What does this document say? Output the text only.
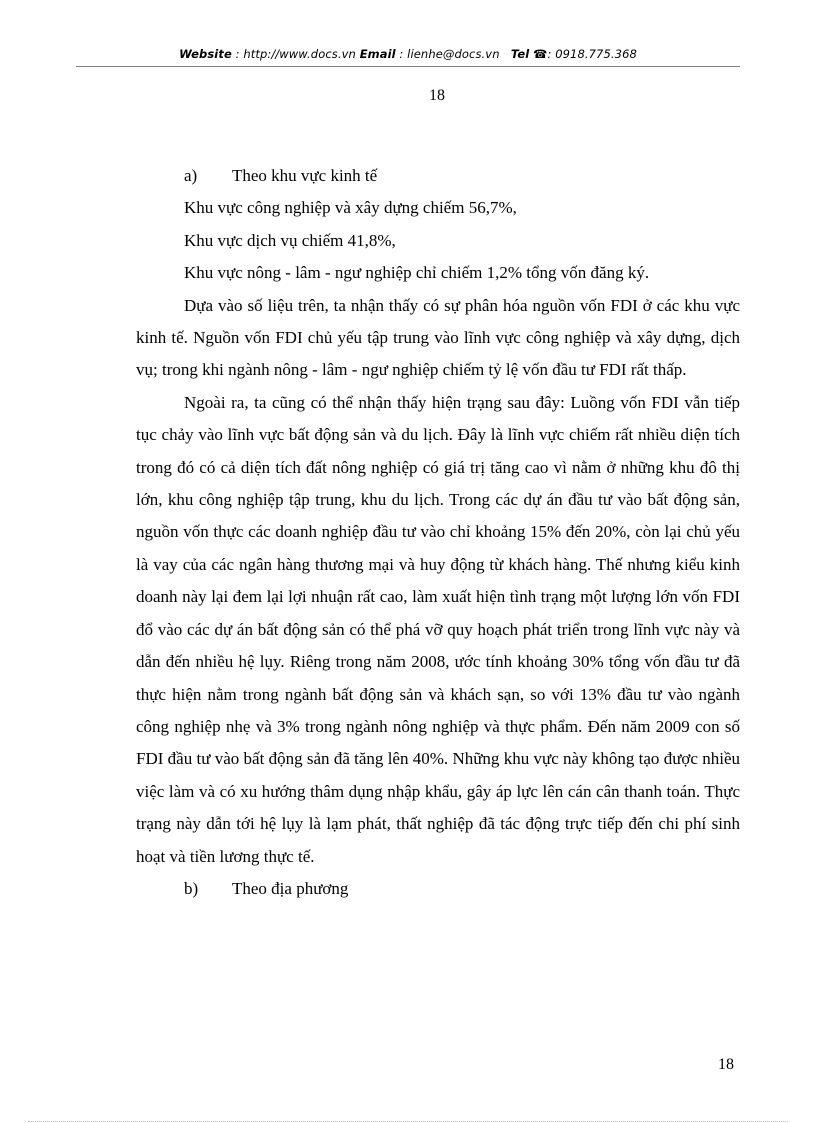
Website : http://www.docs.vn Email : lienhe@docs.vn Tel ☎: 0918.775.368
18

a) Theo khu vực kinh tế

Khu vực công nghiệp và xây dựng chiếm 56,7%,

Khu vực dịch vụ chiếm 41,8%,

Khu vực nông - lâm - ngư nghiệp chỉ chiếm 1,2% tổng vốn đăng ký.

Dựa vào số liệu trên, ta nhận thấy có sự phân hóa nguồn vốn FDI ở các khu vực kinh tế. Nguồn vốn FDI chủ yếu tập trung vào lĩnh vực công nghiệp và xây dựng, dịch vụ; trong khi ngành nông - lâm - ngư nghiệp chiếm tỷ lệ vốn đầu tư FDI rất thấp.

Ngoài ra, ta cũng có thể nhận thấy hiện trạng sau đây: Luồng vốn FDI vẫn tiếp tục chảy vào lĩnh vực bất động sản và du lịch. Đây là lĩnh vực chiếm rất nhiều diện tích trong đó có cả diện tích đất nông nghiệp có giá trị tăng cao vì nằm ở những khu đô thị lớn, khu công nghiệp tập trung, khu du lịch. Trong các dự án đầu tư vào bất động sản, nguồn vốn thực các doanh nghiệp đầu tư vào chỉ khoảng 15% đến 20%, còn lại chủ yếu là vay của các ngân hàng thương mại và huy động từ khách hàng. Thế nhưng kiểu kinh doanh này lại đem lại lợi nhuận rất cao, làm xuất hiện tình trạng một lượng lớn vốn FDI đổ vào các dự án bất động sản có thể phá vỡ quy hoạch phát triển trong lĩnh vực này và dẫn đến nhiều hệ lụy. Riêng trong năm 2008, ước tính khoảng 30% tổng vốn đầu tư đã thực hiện nằm trong ngành bất động sản và khách sạn, so với 13% đầu tư vào ngành công nghiệp nhẹ và 3% trong ngành nông nghiệp và thực phẩm. Đến năm 2009 con số FDI đầu tư vào bất động sản đã tăng lên 40%. Những khu vực này không tạo được nhiều việc làm và có xu hướng thâm dụng nhập khẩu, gây áp lực lên cán cân thanh toán. Thực trạng này dẫn tới hệ lụy là lạm phát, thất nghiệp đã tác động trực tiếp đến chi phí sinh hoạt và tiền lương thực tế.

b) Theo địa phương

18
